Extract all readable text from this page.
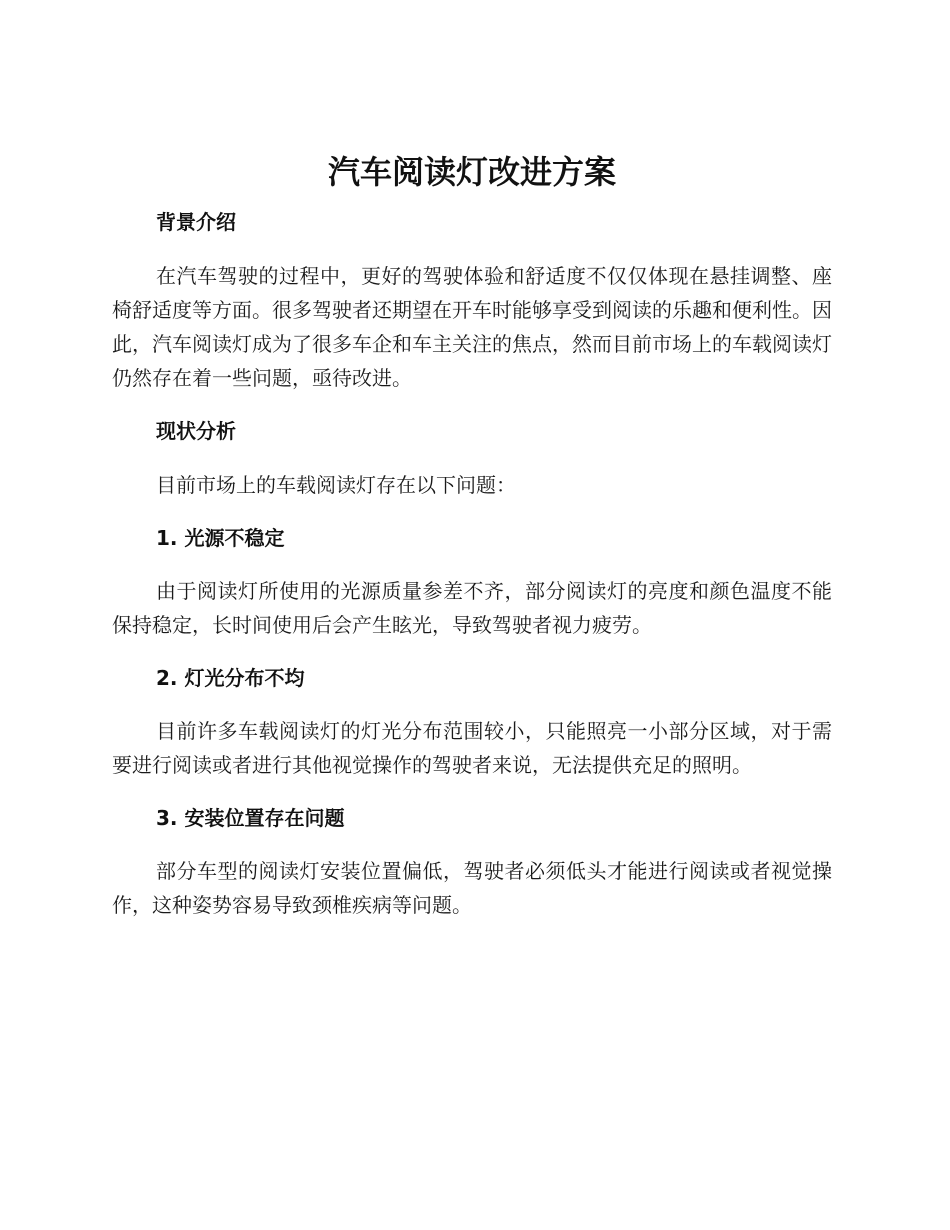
汽车阅读灯改进方案
背景介绍

在汽车驾驶的过程中，更好的驾驶体验和舒适度不仅仅体现在悬挂调整、座椅舒适度等方面。很多驾驶者还期望在开车时能够享受到阅读的乐趣和便利性。因此，汽车阅读灯成为了很多车企和车主关注的焦点，然而目前市场上的车载阅读灯仍然存在着一些问题，亟待改进。

现状分析

目前市场上的车载阅读灯存在以下问题：

1. 光源不稳定

由于阅读灯所使用的光源质量参差不齐，部分阅读灯的亮度和颜色温度不能保持稳定，长时间使用后会产生眩光，导致驾驶者视力疲劳。

2. 灯光分布不均

目前许多车载阅读灯的灯光分布范围较小，只能照亮一小部分区域，对于需要进行阅读或者进行其他视觉操作的驾驶者来说，无法提供充足的照明。

3. 安装位置存在问题

部分车型的阅读灯安装位置偏低，驾驶者必须低头才能进行阅读或者视觉操作，这种姿势容易导致颈椎疾病等问题。
